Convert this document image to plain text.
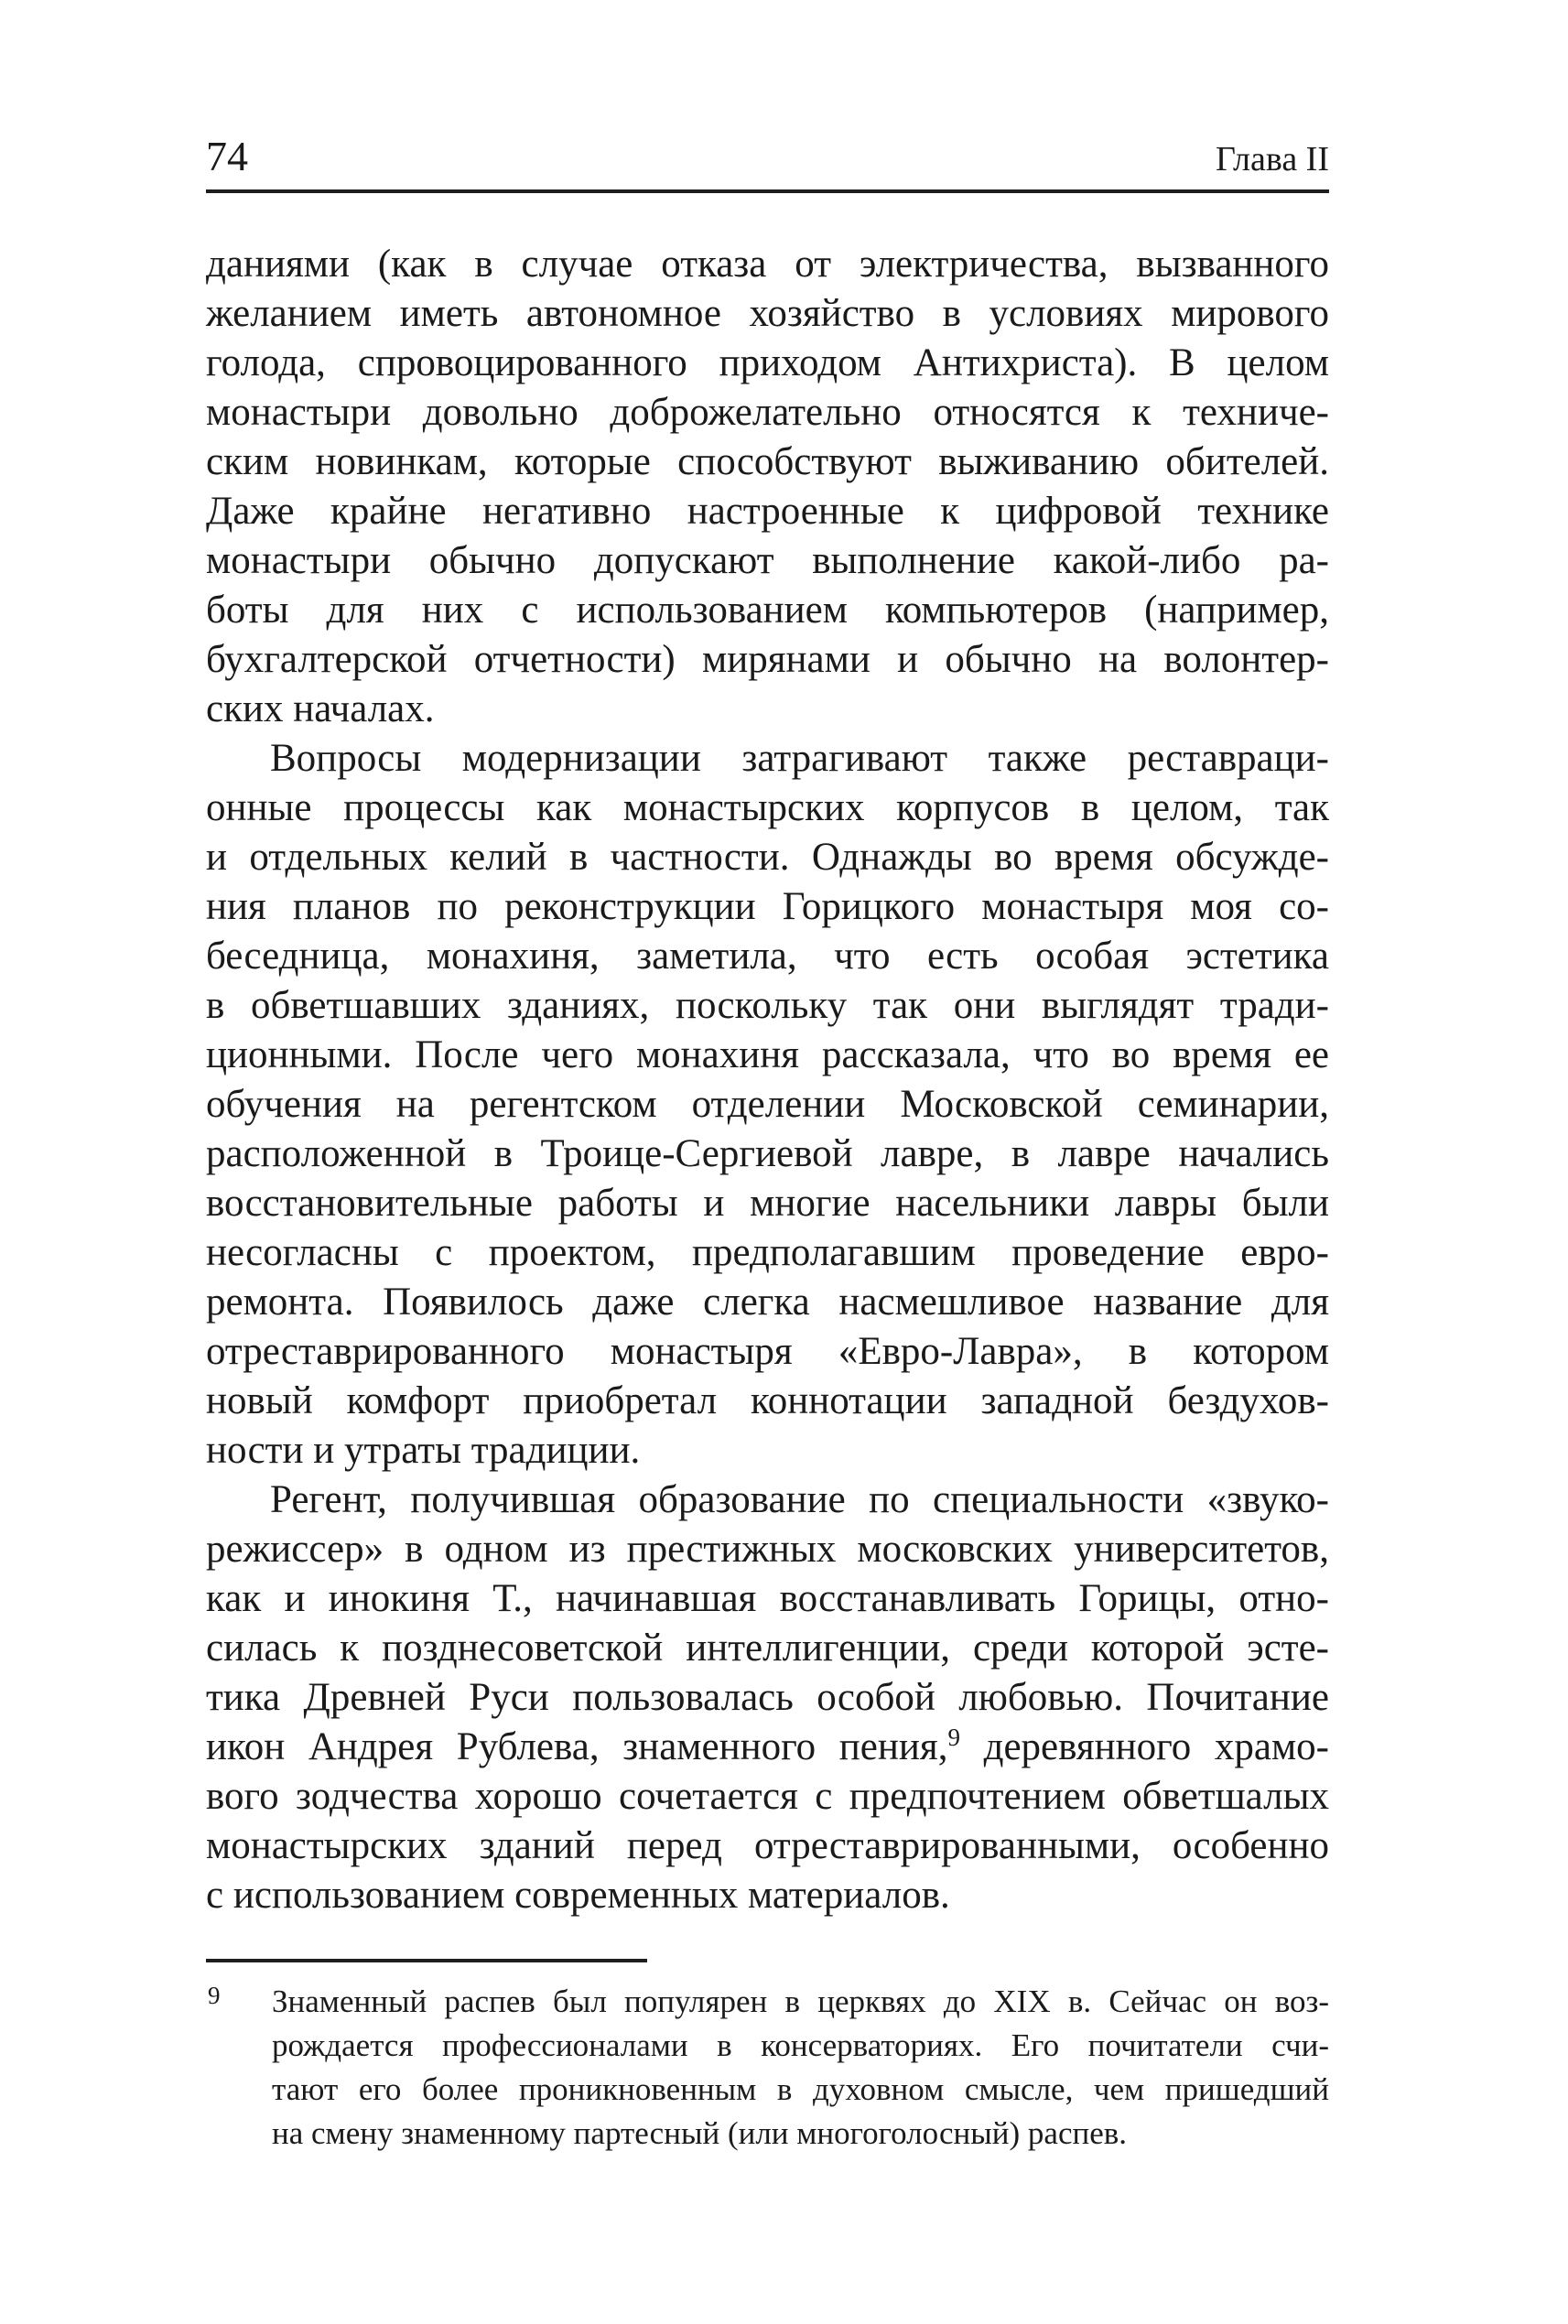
74	Глава II
даниями (как в случае отказа от электричества, вызванного
желанием иметь автономное хозяйство в условиях мирового
голода, спровоцированного приходом Антихриста). В целом
монастыри довольно доброжелательно относятся к техниче-
ским новинкам, которые способствуют выживанию обителей.
Даже крайне негативно настроенные к цифровой технике
монастыри обычно допускают выполнение какой-либо ра-
боты для них с использованием компьютеров (например,
бухгалтерской отчетности) мирянами и обычно на волонтер-
ских началах.
Вопросы модернизации затрагивают также реставраци-
онные процессы как монастырских корпусов в целом, так
и отдельных келий в частности. Однажды во время обсужде-
ния планов по реконструкции Горицкого монастыря моя со-
беседница, монахиня, заметила, что есть особая эстетика
в обветшавших зданиях, поскольку так они выглядят тради-
ционными. После чего монахиня рассказала, что во время ее
обучения на регентском отделении Московской семинарии,
расположенной в Троице-Сергиевой лавре, в лавре начались
восстановительные работы и многие насельники лавры были
несогласны с проектом, предполагавшим проведение евро-
ремонта. Появилось даже слегка насмешливое название для
отреставрированного монастыря «Евро-Лавра», в котором
новый комфорт приобретал коннотации западной бездухов-
ности и утраты традиции.
Регент, получившая образование по специальности «звуко-
режиссер» в одном из престижных московских университетов,
как и инокиня Т., начинавшая восстанавливать Горицы, отно-
силась к позднесоветской интеллигенции, среди которой эсте-
тика Древней Руси пользовалась особой любовью. Почитание
икон Андрея Рублева, знаменного пения,$^9$ деревянного храмо-
вого зодчества хорошо сочетается с предпочтением обветшалых
монастырских зданий перед отреставрированными, особенно
с использованием современных материалов.
9 Знаменный распев был популярен в церквях до XIX в. Сейчас он воз-
рождается профессионалами в консерваториях. Его почитатели счи-
тают его более проникновенным в духовном смысле, чем пришедший
на смену знаменному партесный (или многоголосный) распев.
